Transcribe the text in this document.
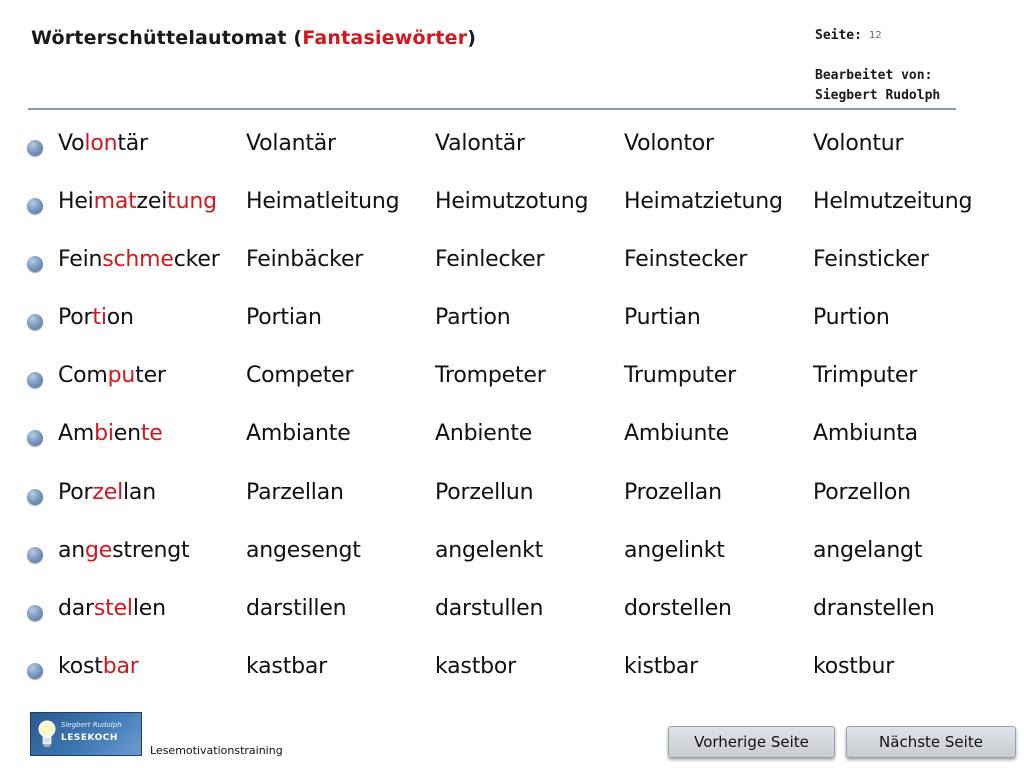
Wörterschüttelautomat (Fantasiewörter)	Seite: 12
Bearbeitet von:
Siegbert Rudolph
Volontär	Volantär	Valontär	Volontor	Volontur
Heimatzeitung Heimatleitung Heimutzotung Heimatzietung Helmutzeitung
Feinschmecker Feinbäcker	Feinlecker	Feinstecker	Feinsticker
Portion	Portian	Partion	Purtian	Purtion
Computer	Competer	Trompeter	Trumputer	Trimputer
Ambiente	Ambiante	Anbiente	Ambiunte	Ambiunta
Porzellan	Parzellan	Porzellun	Prozellan	Porzellon
angestrengt	angesengt	angelenkt	angelinkt	angelangt
darstellen	darstillen	darstullen	dorstellen	dranstellen
kostbar	kastbar	kastbor	kistbar	kostbur
Siegbert Rudolph
LESEKOCH
Lesemotivationstraining	Vorherige Seite	Nächste Seite
